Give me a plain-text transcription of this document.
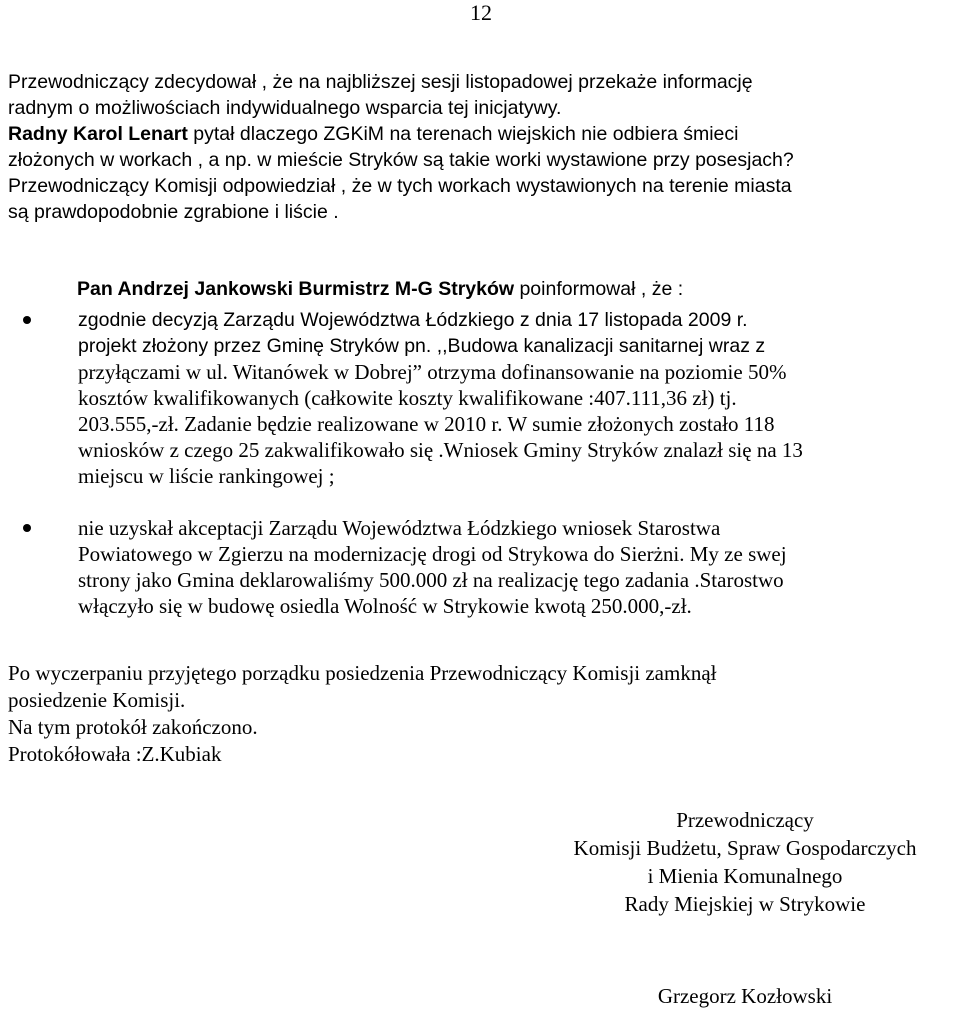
12
Przewodniczący zdecydował , że na najbliższej sesji listopadowej przekaże informację
radnym o możliwościach indywidualnego wsparcia tej inicjatywy.
Radny Karol Lenart pytał dlaczego ZGKiM na terenach wiejskich nie odbiera śmieci
złożonych w workach , a np. w mieście Stryków są takie worki wystawione przy posesjach?
Przewodniczący Komisji odpowiedział , że w tych workach wystawionych na terenie miasta
są prawdopodobnie zgrabione i liście .
Pan Andrzej Jankowski Burmistrz M-G Stryków poinformował , że :
zgodnie decyzją Zarządu Województwa Łódzkiego z dnia 17 listopada 2009 r.
projekt złożony przez Gminę Stryków pn. ,,Budowa kanalizacji sanitarnej wraz z
przyłączami w ul. Witanówek w Dobrej” otrzyma dofinansowanie na poziomie 50%
kosztów kwalifikowanych (całkowite koszty kwalifikowane :407.111,36 zł) tj.
203.555,-zł. Zadanie będzie realizowane w 2010 r. W sumie złożonych zostało 118
wniosków z czego 25 zakwalifikowało się .Wniosek Gminy Stryków znalazł się na 13
miejscu w liście rankingowej ;
nie uzyskał akceptacji Zarządu Województwa Łódzkiego wniosek Starostwa
Powiatowego w Zgierzu na modernizację drogi od Strykowa do Sierżni. My ze swej
strony jako Gmina deklarowaliśmy 500.000 zł na realizację tego zadania .Starostwo
włączyło się w budowę osiedla Wolność w Strykowie kwotą 250.000,-zł.
Po wyczerpaniu przyjętego porządku posiedzenia Przewodniczący Komisji zamknął
posiedzenie Komisji.
Na tym protokół zakończono.
Protokółowała :Z.Kubiak
Przewodniczący
Komisji Budżetu, Spraw Gospodarczych
i Mienia Komunalnego
Rady Miejskiej w Strykowie
Grzegorz Kozłowski
